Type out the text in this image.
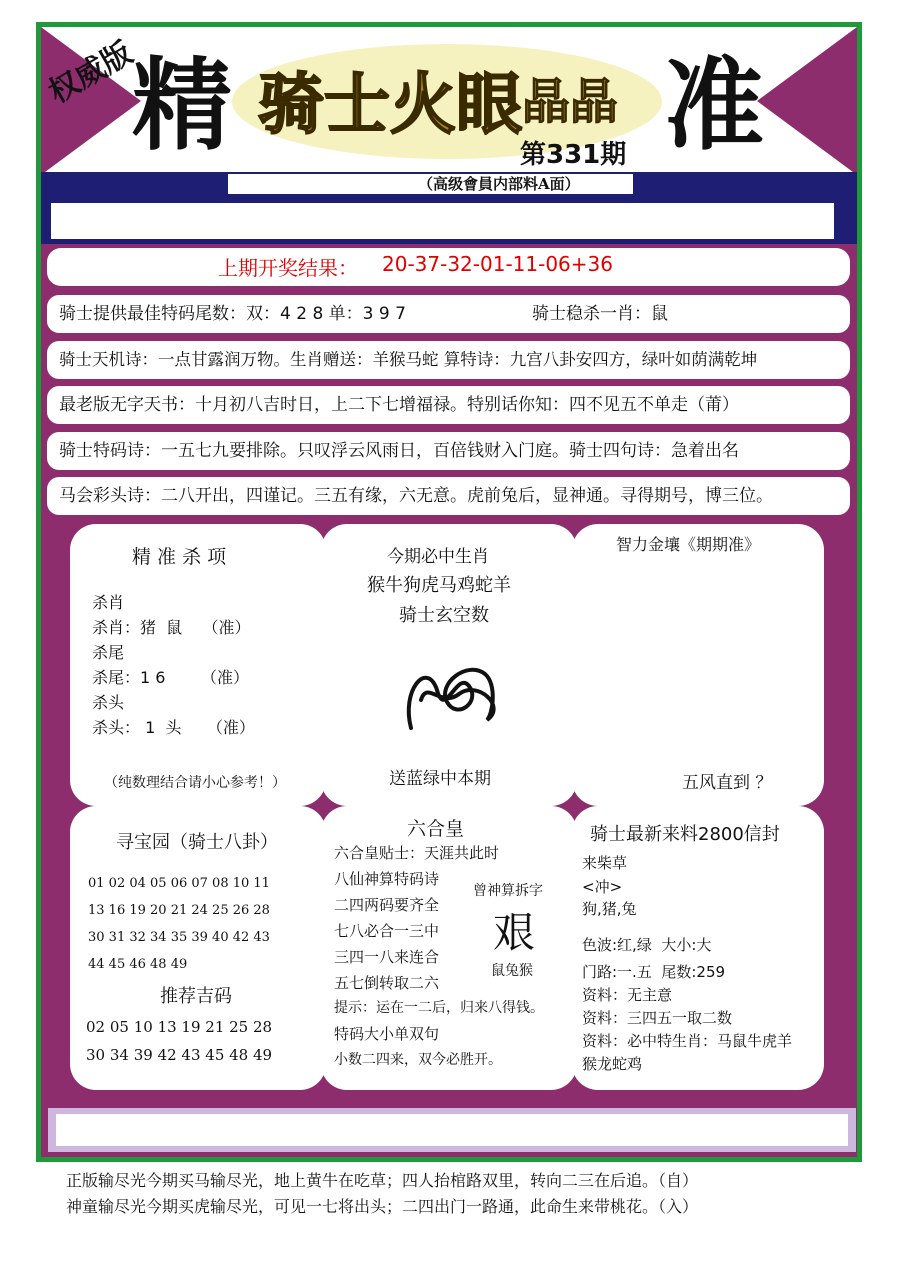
权威版
精 骑士火眼 晶晶 准
第331期
（高级會員内部料A面）
上期开奖结果： 20-37-32-01-11-06+36
骑士提供最佳特码尾数：双：4 2 8 单：3 9 7	骑士稳杀一肖：鼠
骑士天机诗：一点甘露润万物。生肖赠送：羊猴马蛇 算特诗：九宫八卦安四方，绿叶如荫满乾坤
最老版无字天书：十月初八吉时日，上二下七增福禄。特别话你知：四不见五不单走（莆）
骑士特码诗：一五七九要排除。只叹浮云风雨日，百倍钱财入门庭。骑士四句诗：急着出名
马会彩头诗：二八开出，四谨记。三五有缘，六无意。虎前兔后，显神通。寻得期号，博三位。
精 准 杀 项
杀肖
杀肖：猪  鼠    （准）
杀尾
杀尾：1 6       （准）
杀头
杀头： 1  头     （准）
（纯数理结合请小心参考！）
今期必中生肖
猴牛狗虎马鸡蛇羊
骑士玄空数
送蓝绿中本期
智力金壤《期期准》
五风直到 ？
寻宝园（骑士八卦）
01 02 04 05 06 07 08 10 11
13 16 19 20 21 24 25 26 28
30 31 32 34 35 39 40 42 43
44 45 46 48 49
推荐吉码
02 05 10 13 19 21 25 28
30 34 39 42 43 45 48 49
六合皇
六合皇贴士：天涯共此时
八仙神算特码诗
二四两码要齐全
七八必合一三中
三四一八来连合
五七倒转取二六
提示：运在一二后，归来八得钱。
特码大小单双句
小数二四来，双今必胜开。
曾神算拆字
艰
鼠兔猴
骑士最新来料2800信封
来柴草
<冲>
狗,猪,兔
色波:红,绿  大小:大
门路:一.五  尾数:259
资料：无主意
资料：三四五一取二数
资料：必中特生肖：马鼠牛虎羊
猴龙蛇鸡
正版输尽光今期买马输尽光，地上黄牛在吃草；四人抬棺路双里，转向二三在后追。（自）
神童输尽光今期买虎输尽光，可见一七将出头；二四出门一路通，此命生来带桃花。（入）
